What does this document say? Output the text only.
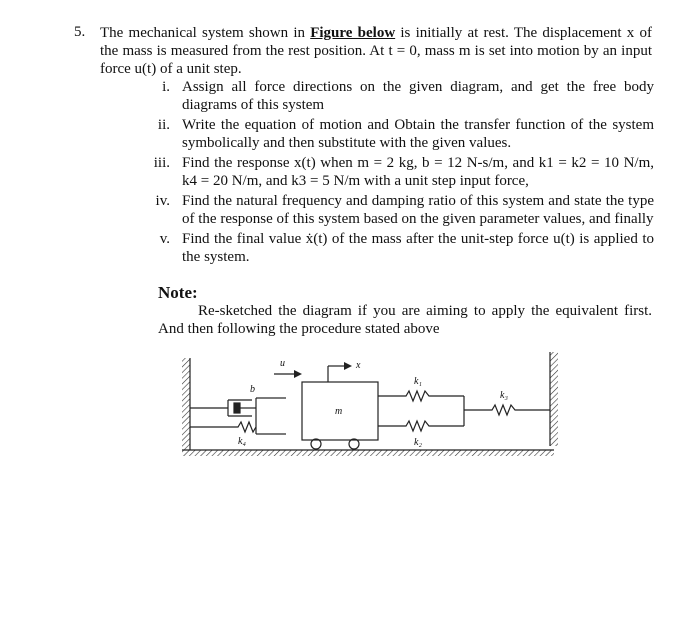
5. The mechanical system shown in Figure below is initially at rest. The displacement x of the mass is measured from the rest position. At t = 0, mass m is set into motion by an input force u(t) of a unit step.
i. Assign all force directions on the given diagram, and get the free body diagrams of this system
ii. Write the equation of motion and Obtain the transfer function of the system symbolically and then substitute with the given values.
iii. Find the response x(t) when m = 2 kg, b = 12 N-s/m, and k1 = k2 = 10 N/m, k4 = 20 N/m, and k3 = 5 N/m with a unit step input force,
iv. Find the natural frequency and damping ratio of this system and state the type of the response of this system based on the given parameter values, and finally
v. Find the final value ẋ(t) of the mass after the unit-step force u(t) is applied to the system.
Note:
Re-sketched the diagram if you are aiming to apply the equivalent first. And then following the procedure stated above
x
u
b
m
k₁
k₂
k₃
k₄
